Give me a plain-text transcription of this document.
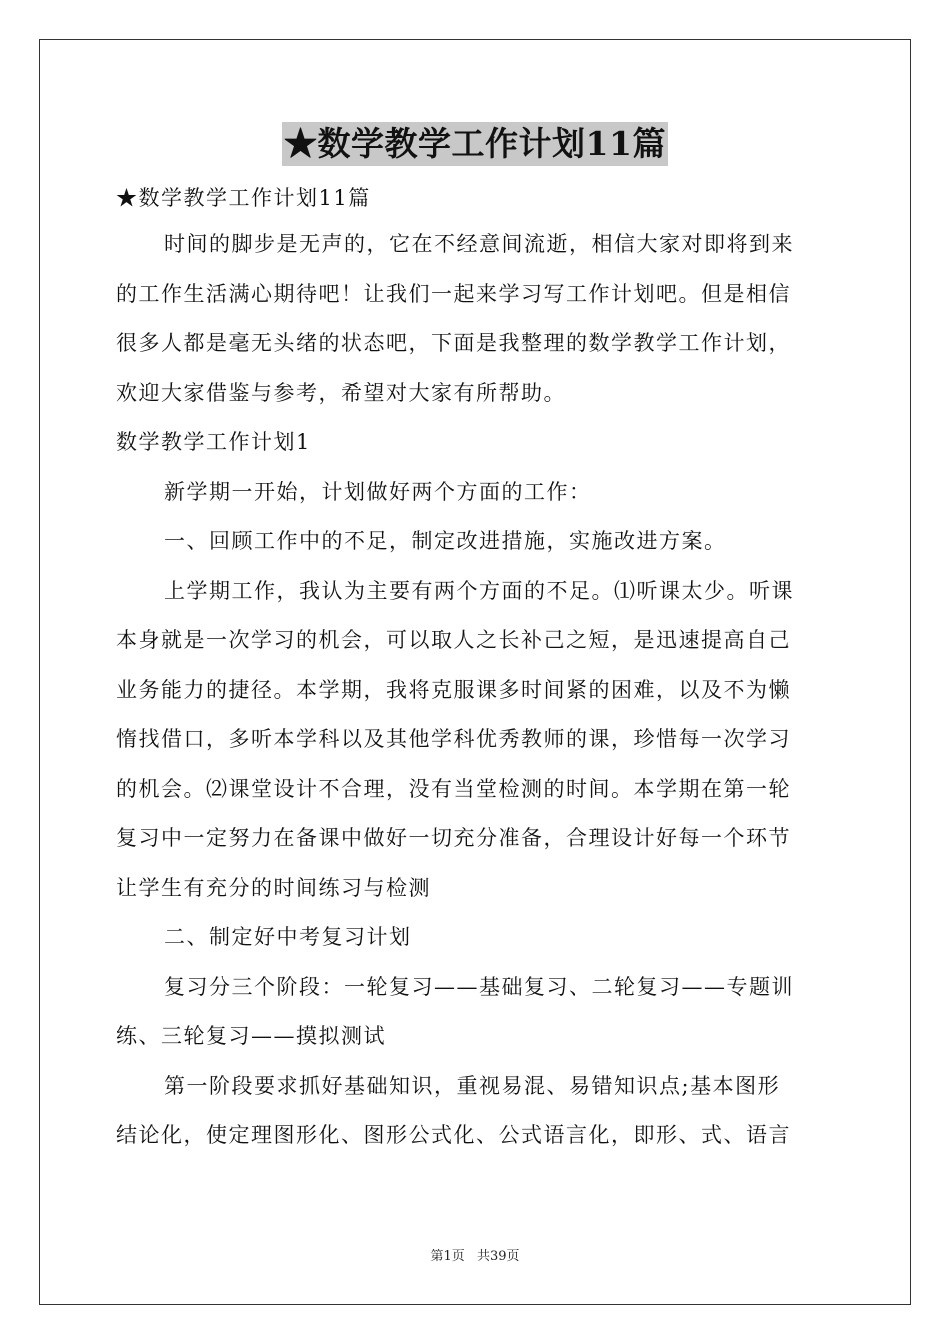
★数学教学工作计划11篇
★数学教学工作计划11篇
时间的脚步是无声的，它在不经意间流逝，相信大家对即将到来
的工作生活满心期待吧！让我们一起来学习写工作计划吧。但是相信
很多人都是毫无头绪的状态吧，下面是我整理的数学教学工作计划，
欢迎大家借鉴与参考，希望对大家有所帮助。
数学教学工作计划1
新学期一开始，计划做好两个方面的工作：
一、回顾工作中的不足，制定改进措施，实施改进方案。
上学期工作，我认为主要有两个方面的不足。⑴听课太少。听课
本身就是一次学习的机会，可以取人之长补己之短，是迅速提高自己
业务能力的捷径。本学期，我将克服课多时间紧的困难，以及不为懒
惰找借口，多听本学科以及其他学科优秀教师的课，珍惜每一次学习
的机会。⑵课堂设计不合理，没有当堂检测的时间。本学期在第一轮
复习中一定努力在备课中做好一切充分准备，合理设计好每一个环节
让学生有充分的时间练习与检测
二、制定好中考复习计划
复习分三个阶段：一轮复习——基础复习、二轮复习——专题训
练、三轮复习——摸拟测试
第一阶段要求抓好基础知识，重视易混、易错知识点;基本图形
结论化，使定理图形化、图形公式化、公式语言化，即形、式、语言
第1页 共39页
